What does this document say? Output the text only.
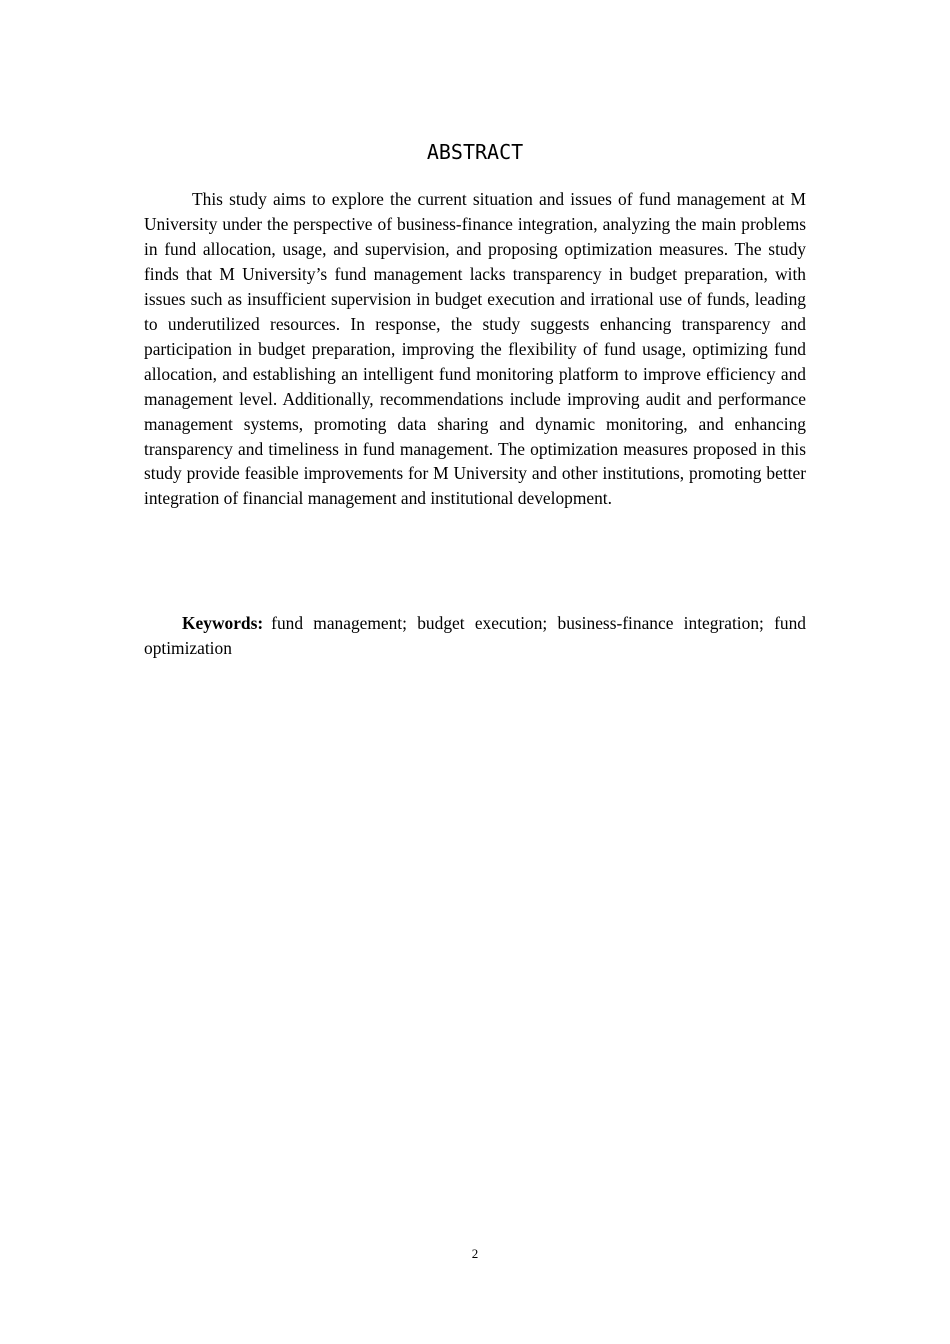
ABSTRACT

This study aims to explore the current situation and issues of fund management at M University under the perspective of business-finance integration, analyzing the main problems in fund allocation, usage, and supervision, and proposing optimization measures. The study finds that M University’s fund management lacks transparency in budget preparation, with issues such as insufficient supervision in budget execution and irrational use of funds, leading to underutilized resources. In response, the study suggests enhancing transparency and participation in budget preparation, improving the flexibility of fund usage, optimizing fund allocation, and establishing an intelligent fund monitoring platform to improve efficiency and management level. Additionally, recommendations include improving audit and performance management systems, promoting data sharing and dynamic monitoring, and enhancing transparency and timeliness in fund management. The optimization measures proposed in this study provide feasible improvements for M University and other institutions, promoting better integration of financial management and institutional development.

Keywords: fund management; budget execution; business-finance integration; fund optimization

2
